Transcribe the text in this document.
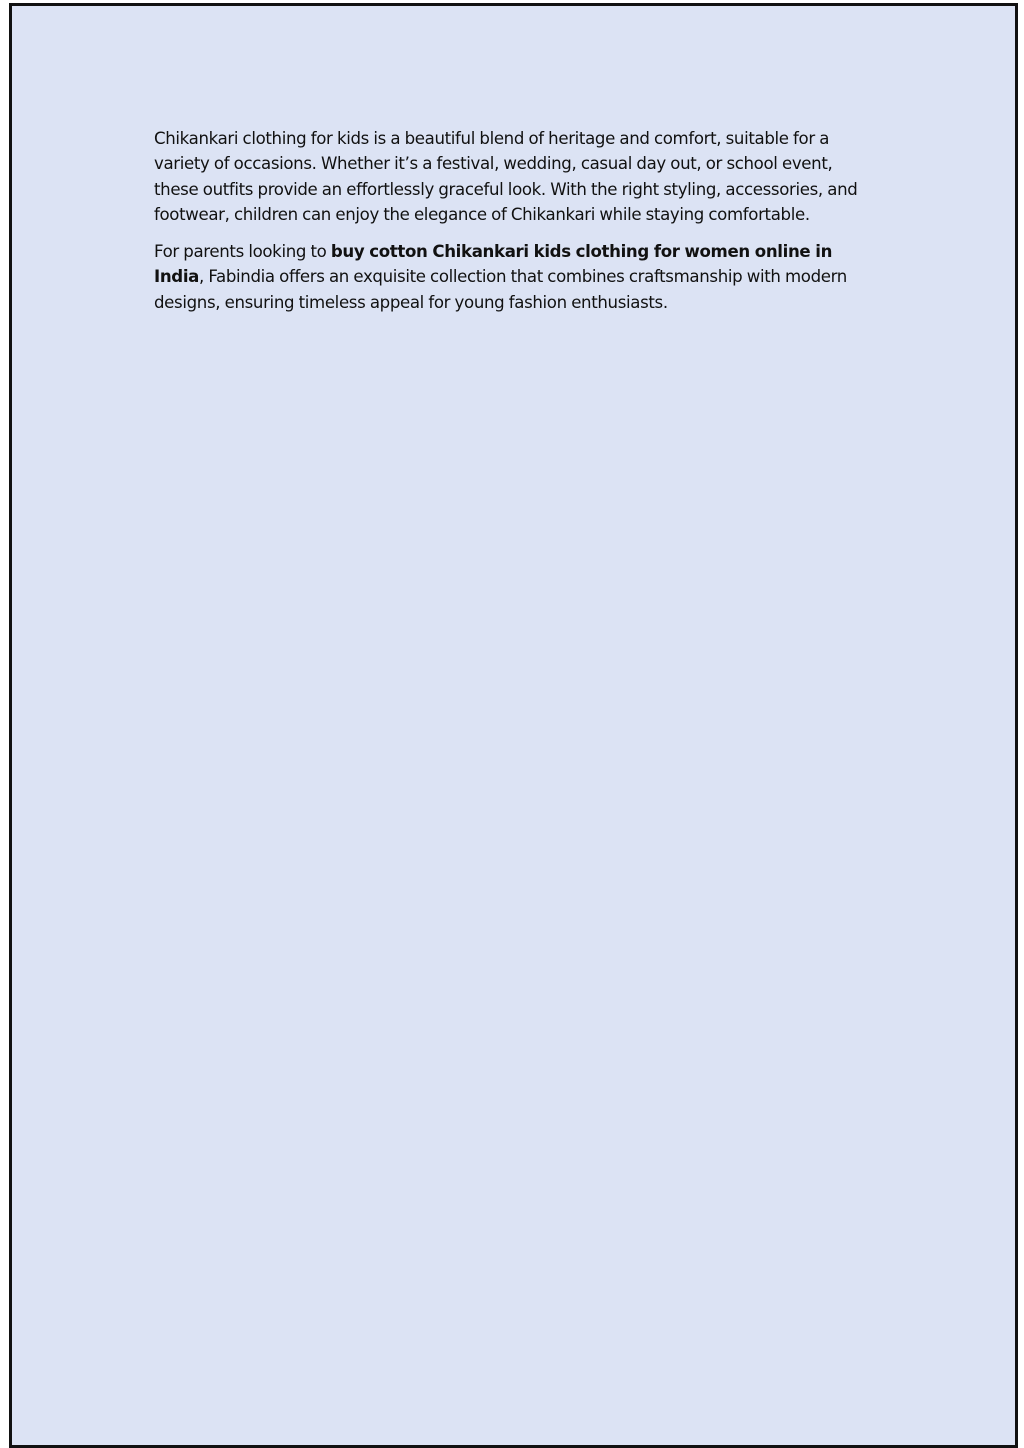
Chikankari clothing for kids is a beautiful blend of heritage and comfort, suitable for a variety of occasions. Whether it’s a festival, wedding, casual day out, or school event, these outfits provide an effortlessly graceful look. With the right styling, accessories, and footwear, children can enjoy the elegance of Chikankari while staying comfortable.

For parents looking to buy cotton Chikankari kids clothing for women online in India, Fabindia offers an exquisite collection that combines craftsmanship with modern designs, ensuring timeless appeal for young fashion enthusiasts.
